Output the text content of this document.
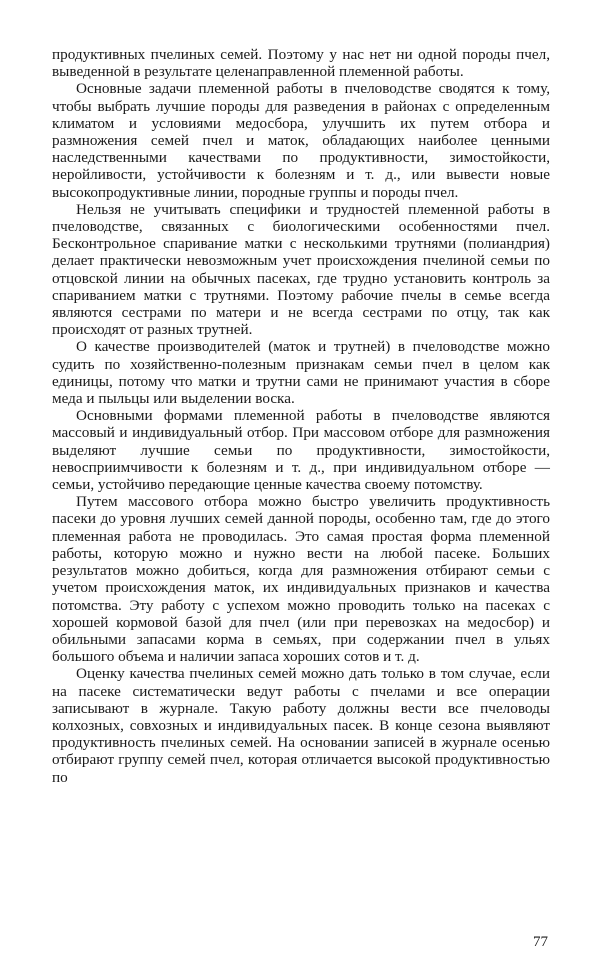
продуктивных пчелиных семей. Поэтому у нас нет ни одной породы пчел, выведенной в результате целенаправленной племенной работы.

Основные задачи племенной работы в пчеловодстве сводятся к тому, чтобы выбрать лучшие породы для разведения в районах с определенным климатом и условиями медосбора, улучшить их путем отбора и размножения семей пчел и маток, обладающих наиболее ценными наследственными качествами по продуктивности, зимостойкости, неройливости, устойчивости к болезням и т. д., или вывести новые высокопродуктивные линии, породные группы и породы пчел.

Нельзя не учитывать специфики и трудностей племенной работы в пчеловодстве, связанных с биологическими особенностями пчел. Бесконтрольное спаривание матки с несколькими трутнями (полиандрия) делает практически невозможным учет происхождения пчелиной семьи по отцовской линии на обычных пасеках, где трудно установить контроль за спариванием матки с трутнями. Поэтому рабочие пчелы в семье всегда являются сестрами по матери и не всегда сестрами по отцу, так как происходят от разных трутней.

О качестве производителей (маток и трутней) в пчеловодстве можно судить по хозяйственно-полезным признакам семьи пчел в целом как единицы, потому что матки и трутни сами не принимают участия в сборе меда и пыльцы или выделении воска.

Основными формами племенной работы в пчеловодстве являются массовый и индивидуальный отбор. При массовом отборе для размножения выделяют лучшие семьи по продуктивности, зимостойкости, невосприимчивости к болезням и т. д., при индивидуальном отборе — семьи, устойчиво передающие ценные качества своему потомству.

Путем массового отбора можно быстро увеличить продуктивность пасеки до уровня лучших семей данной породы, особенно там, где до этого племенная работа не проводилась. Это самая простая форма племенной работы, которую можно и нужно вести на любой пасеке. Больших результатов можно добиться, когда для размножения отбирают семьи с учетом происхождения маток, их индивидуальных признаков и качества потомства. Эту работу с успехом можно проводить только на пасеках с хорошей кормовой базой для пчел (или при перевозках на медосбор) и обильными запасами корма в семьях, при содержании пчел в ульях большого объема и наличии запаса хороших сотов и т. д.

Оценку качества пчелиных семей можно дать только в том случае, если на пасеке систематически ведут работы с пчелами и все операции записывают в журнале. Такую работу должны вести все пчеловоды колхозных, совхозных и индивидуальных пасек. В конце сезона выявляют продуктивность пчелиных семей. На основании записей в журнале осенью отбирают группу семей пчел, которая отличается высокой продуктивностью по

77
